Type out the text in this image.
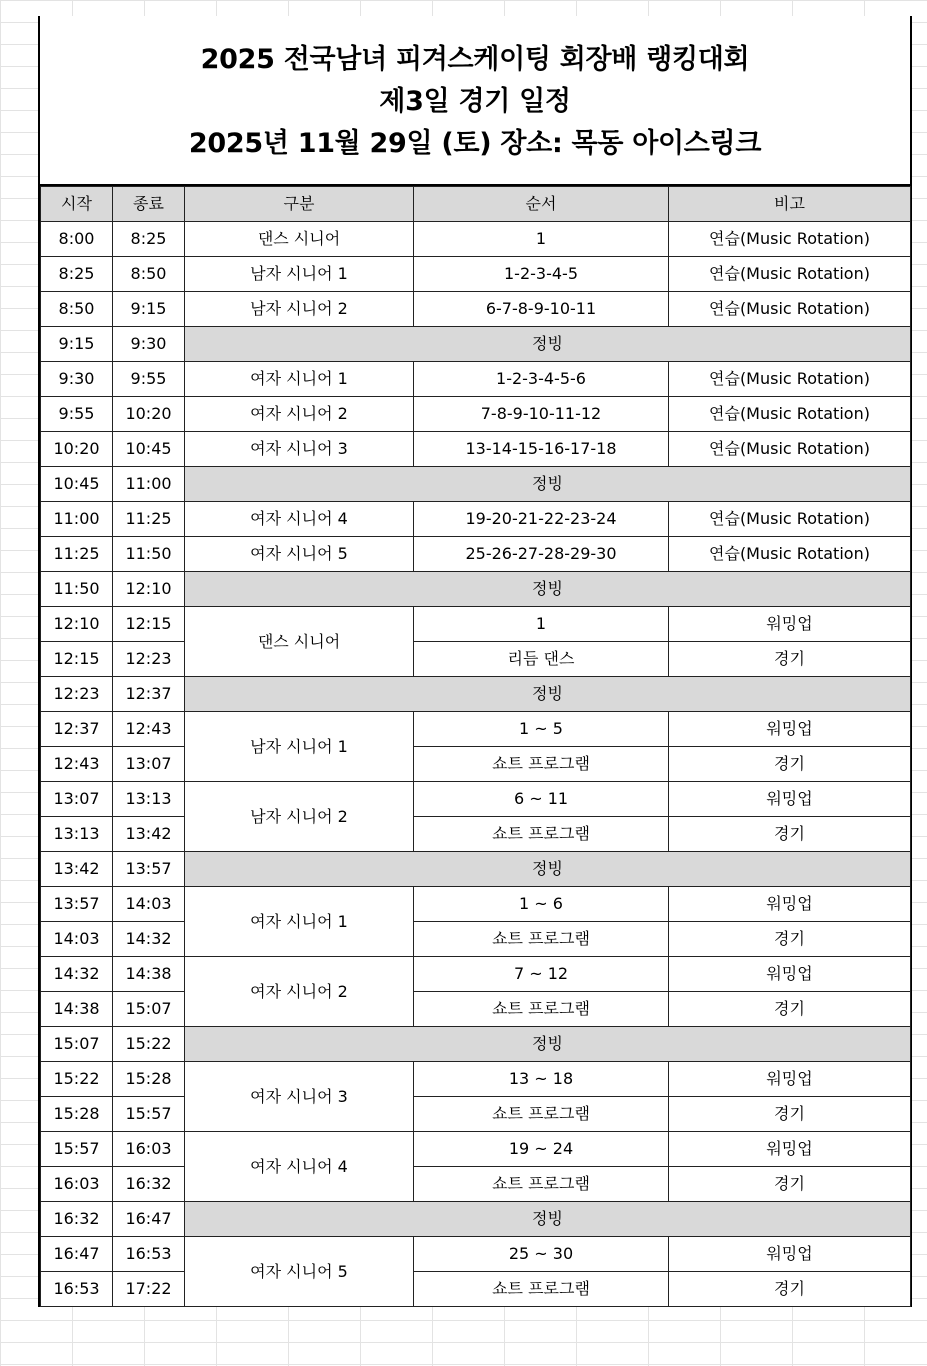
2025 전국남녀 피겨스케이팅 회장배 랭킹대회
제3일 경기 일정
2025년 11월 29일 (토) 장소: 목동 아이스링크
시작	종료	구분	순서	비고
8:00	8:25	댄스 시니어	1	연습(Music Rotation)
8:25	8:50	남자 시니어 1	1-2-3-4-5	연습(Music Rotation)
8:50	9:15	남자 시니어 2	6-7-8-9-10-11	연습(Music Rotation)
9:15	9:30	정빙		
9:30	9:55	여자 시니어 1	1-2-3-4-5-6	연습(Music Rotation)
9:55	10:20	여자 시니어 2	7-8-9-10-11-12	연습(Music Rotation)
10:20	10:45	여자 시니어 3	13-14-15-16-17-18	연습(Music Rotation)
10:45	11:00	정빙		
11:00	11:25	여자 시니어 4	19-20-21-22-23-24	연습(Music Rotation)
11:25	11:50	여자 시니어 5	25-26-27-28-29-30	연습(Music Rotation)
11:50	12:10	정빙		
12:10	12:15	댄스 시니어	1	워밍업
12:15	12:23		리듬 댄스	경기
12:23	12:37	정빙		
12:37	12:43	남자 시니어 1	1 ~ 5	워밍업
12:43	13:07		쇼트 프로그램	경기
13:07	13:13	남자 시니어 2	6 ~ 11	워밍업
13:13	13:42		쇼트 프로그램	경기
13:42	13:57	정빙		
13:57	14:03	여자 시니어 1	1 ~ 6	워밍업
14:03	14:32		쇼트 프로그램	경기
14:32	14:38	여자 시니어 2	7 ~ 12	워밍업
14:38	15:07		쇼트 프로그램	경기
15:07	15:22	정빙		
15:22	15:28	여자 시니어 3	13 ~ 18	워밍업
15:28	15:57		쇼트 프로그램	경기
15:57	16:03	여자 시니어 4	19 ~ 24	워밍업
16:03	16:32		쇼트 프로그램	경기
16:32	16:47	정빙		
16:47	16:53	여자 시니어 5	25 ~ 30	워밍업
16:53	17:22		쇼트 프로그램	경기
